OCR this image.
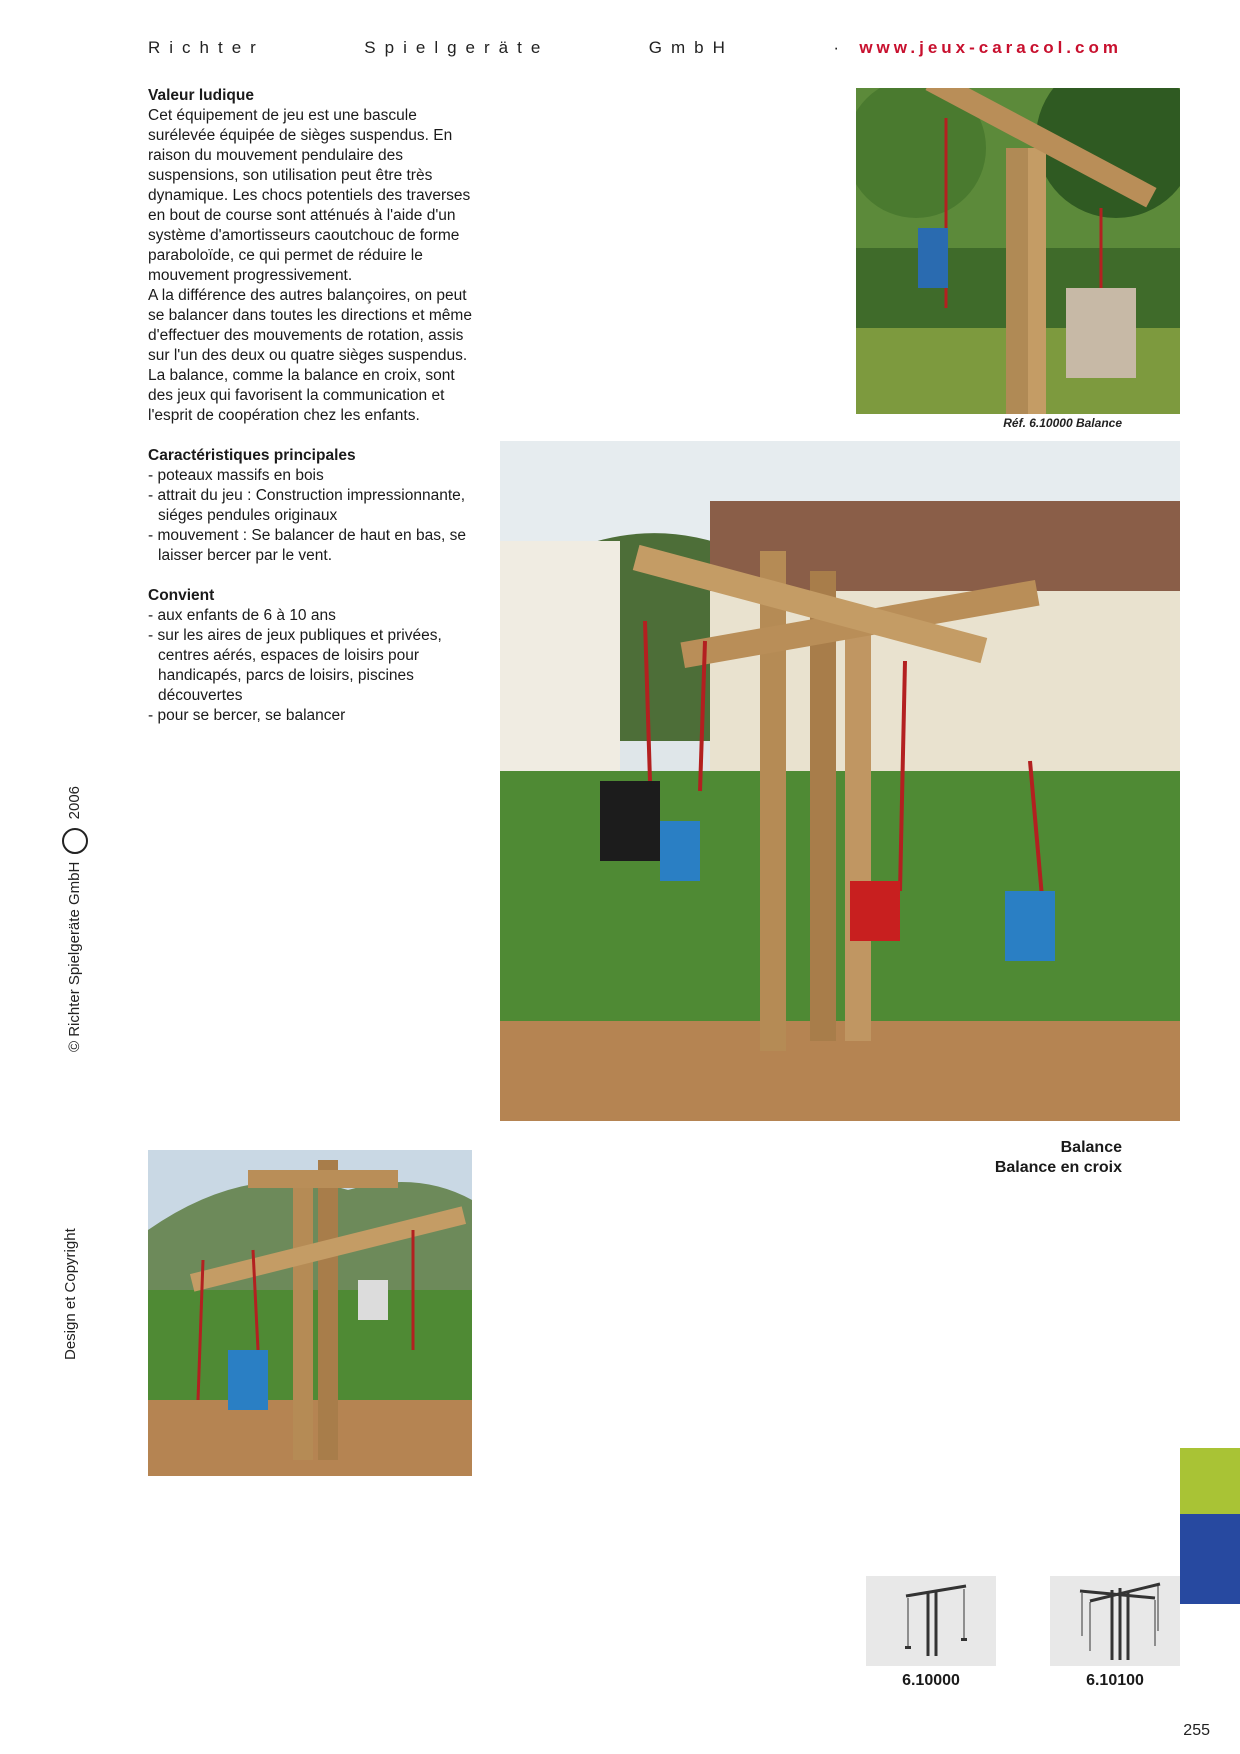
Richter	Spielgeräte	GmbH	· www.jeux-caracol.com

Valeur ludique

Cet équipement de jeu est une bascule surélevée équipée de sièges suspendus. En raison du mouvement pendulaire des suspensions, son utilisation peut être très dynamique. Les chocs potentiels des traverses en bout de course sont atténués à l'aide d'un système d'amortisseurs caoutchouc de forme paraboloïde, ce qui permet de réduire le mouvement progressivement.

A la différence des autres balançoires, on peut se balancer dans toutes les directions et même d'effectuer des mouvements de rotation, assis sur l'un des deux ou quatre sièges suspendus.

La balance, comme la balance en croix, sont des jeux qui favorisent la communication et l'esprit de coopération chez les enfants.

Caractéristiques principales

- poteaux massifs en bois
- attrait du jeu : Construction impressionnante, siéges pendules originaux
- mouvement : Se balancer de haut en bas, se laisser bercer par le vent.

Convient

- aux enfants de 6 à 10 ans
- sur les aires de jeux publiques et privées, centres aérés, espaces de loisirs pour handicapés, parcs de loisirs, piscines découvertes
- pour se bercer, se balancer
Réf. 6.10000 Balance
Balance
Balance en croix
© Richter Spielgeräte GmbH  2006
Design et Copyright
6.10000	6.10100
255
